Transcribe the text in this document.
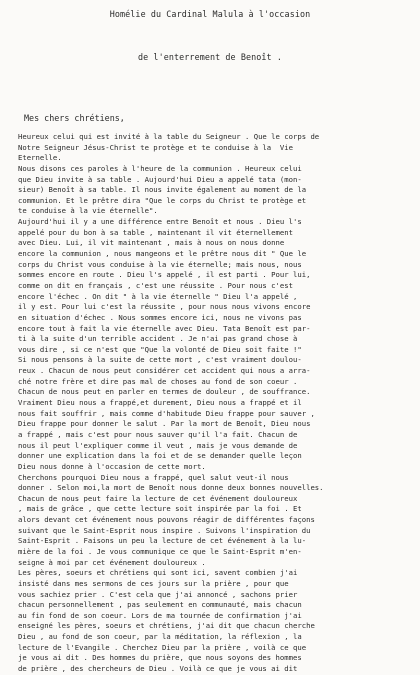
Homélie du Cardinal Malula à l'occasion
de l'enterrement de Benoît .
Mes chers chrétiens,
Heureux celui qui est invité à la table du Seigneur . Que le corps de
Notre Seigneur Jésus-Christ te protège et te conduise à la  Vie
Eternelle.
Nous disons ces paroles à l'heure de la communion . Heureux celui
que Dieu invite à sa table . Aujourd'hui Dieu a appelé tata (mon-
sieur) Benoît à sa table. Il nous invite également au moment de la
communion. Et le prêtre dira "Que le corps du Christ te protège et
te conduise à la vie éternelle".
Aujourd'hui il y a une différence entre Benoît et nous . Dieu l's
appelé pour du bon à sa table , maintenant il vit éternellement
avec Dieu. Lui, il vit maintenant , mais à nous on nous donne
encore la communion , nous mangeons et le prêtre nous dit " Que le
corps du Christ vous conduise à la vie éternelle; mais nous, nous
sommes encore en route . Dieu l's appelé , il est parti . Pour lui,
comme on dit en français , c'est une réussite . Pour nous c'est
encore l'échec . On dit " à la vie éternelle " Dieu l'a appelé ,
il y est. Pour lui c'est la réussite , pour nous nous vivons encore
en situation d'échec . Nous sommes encore ici, nous ne vivons pas
encore tout à fait la vie éternelle avec Dieu. Tata Benoît est par-
ti à la suite d'un terrible accident . Je n'ai pas grand chose à
vous dire , si ce n'est que "Que la volonté de Dieu soit faite !"
Si nous pensons à la suite de cette mort , c'est vraiment doulou-
reux . Chacun de nous peut considérer cet accident qui nous a arra-
ché notre frère et dire pas mal de choses au fond de son coeur .
Chacun de nous peut en parler en termes de douleur , de souffrance.
Vraiment Dieu nous a frappé,et durement, Dieu nous a frappé et il
nous fait souffrir , mais comme d'habitude Dieu frappe pour sauver ,
Dieu frappe pour donner le salut . Par la mort de Benoît, Dieu nous
a frappé , mais c'est pour nous sauver qu'il l'a fait. Chacun de
nous il peut l'expliquer comme il veut , mais je vous demande de
donner une explication dans la foi et de se demander quelle leçon
Dieu nous donne à l'occasion de cette mort.
Cherchons pourquoi Dieu nous a frappé, quel salut veut-il nous
donner . Selon moi,la mort de Benoît nous donne deux bonnes nouvelles.
Chacun de nous peut faire la lecture de cet événement douloureux
, mais de grâce , que cette lecture soit inspirée par la foi . Et
alors devant cet événement nous pouvons réagir de différentes façons
suivant que le Saint-Esprit nous inspire . Suivons l'inspiration du
Saint-Esprit . Faisons un peu la lecture de cet événement à la lu-
mière de la foi . Je vous communique ce que le Saint-Esprit m'en-
seigne à moi par cet événement douloureux .
Les pères, soeurs et chrétiens qui sont ici, savent combien j'ai
insisté dans mes sermons de ces jours sur la prière , pour que
vous sachiez prier . C'est cela que j'ai annoncé , sachons prier
chacun personnellement , pas seulement en communauté, mais chacun
au fin fond de son coeur. Lors de ma tournée de confirmation j'ai
enseigné les pères, soeurs et chrétiens, j'ai dit que chacun cherche
Dieu , au fond de son coeur, par la méditation, la réflexion , la
lecture de l'Evangile . Cherchez Dieu par la prière , voilà ce que
je vous ai dit . Des hommes du prière, que nous soyons des hommes
de prière , des chercheurs de Dieu . Voilà ce que je vous ai dit
